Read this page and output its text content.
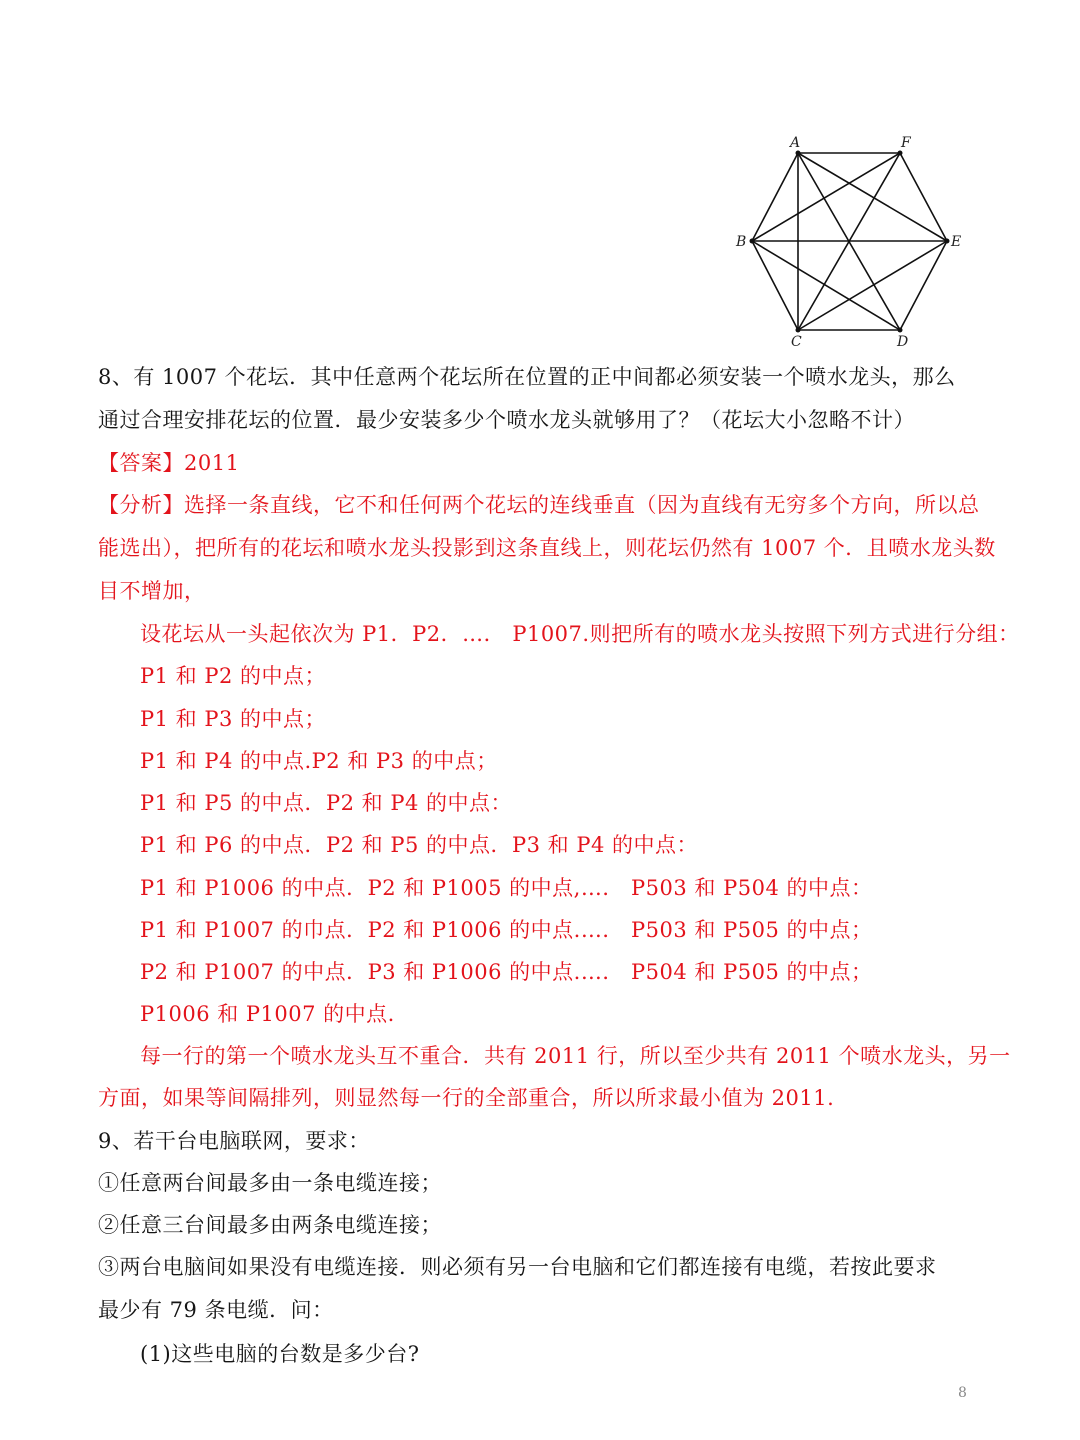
A	F
E
D
C
B
8、有 1007 个花坛．其中任意两个花坛所在位置的正中间都必须安装一个喷水龙头，那么
通过合理安排花坛的位置．最少安装多少个喷水龙头就够用了？（花坛大小忽略不计）
【答案】2011
【分析】选择一条直线，它不和任何两个花坛的连线垂直（因为直线有无穷多个方向，所以总
能选出），把所有的花坛和喷水龙头投影到这条直线上，则花坛仍然有 1007 个．且喷水龙头数
目不增加，
设花坛从一头起依次为 P1．P2．…． P1007.则把所有的喷水龙头按照下列方式进行分组：
P1 和 P2 的中点；
P1 和 P3 的中点；
P1 和 P4 的中点.P2 和 P3 的中点；
P1 和 P5 的中点．P2 和 P4 的中点：
P1 和 P6 的中点．P2 和 P5 的中点．P3 和 P4 的中点：
P1 和 P1006 的中点．P2 和 P1005 的中点,…． P503 和 P504 的中点：
P1 和 P1007 的巾点．P2 和 P1006 的中点.…． P503 和 P505 的中点；
P2 和 P1007 的中点．P3 和 P1006 的中点.…． P504 和 P505 的中点；
P1006 和 P1007 的中点.
每一行的第一个喷水龙头互不重合．共有 2011 行，所以至少共有 2011 个喷水龙头，另一
方面，如果等间隔排列，则显然每一行的全部重合，所以所求最小值为 2011.
9、若干台电脑联网，要求：
①任意两台间最多由一条电缆连接；
②任意三台间最多由两条电缆连接；
③两台电脑间如果没有电缆连接．则必须有另一台电脑和它们都连接有电缆，若按此要求
最少有 79 条电缆．问：
(1)这些电脑的台数是多少台?
8
